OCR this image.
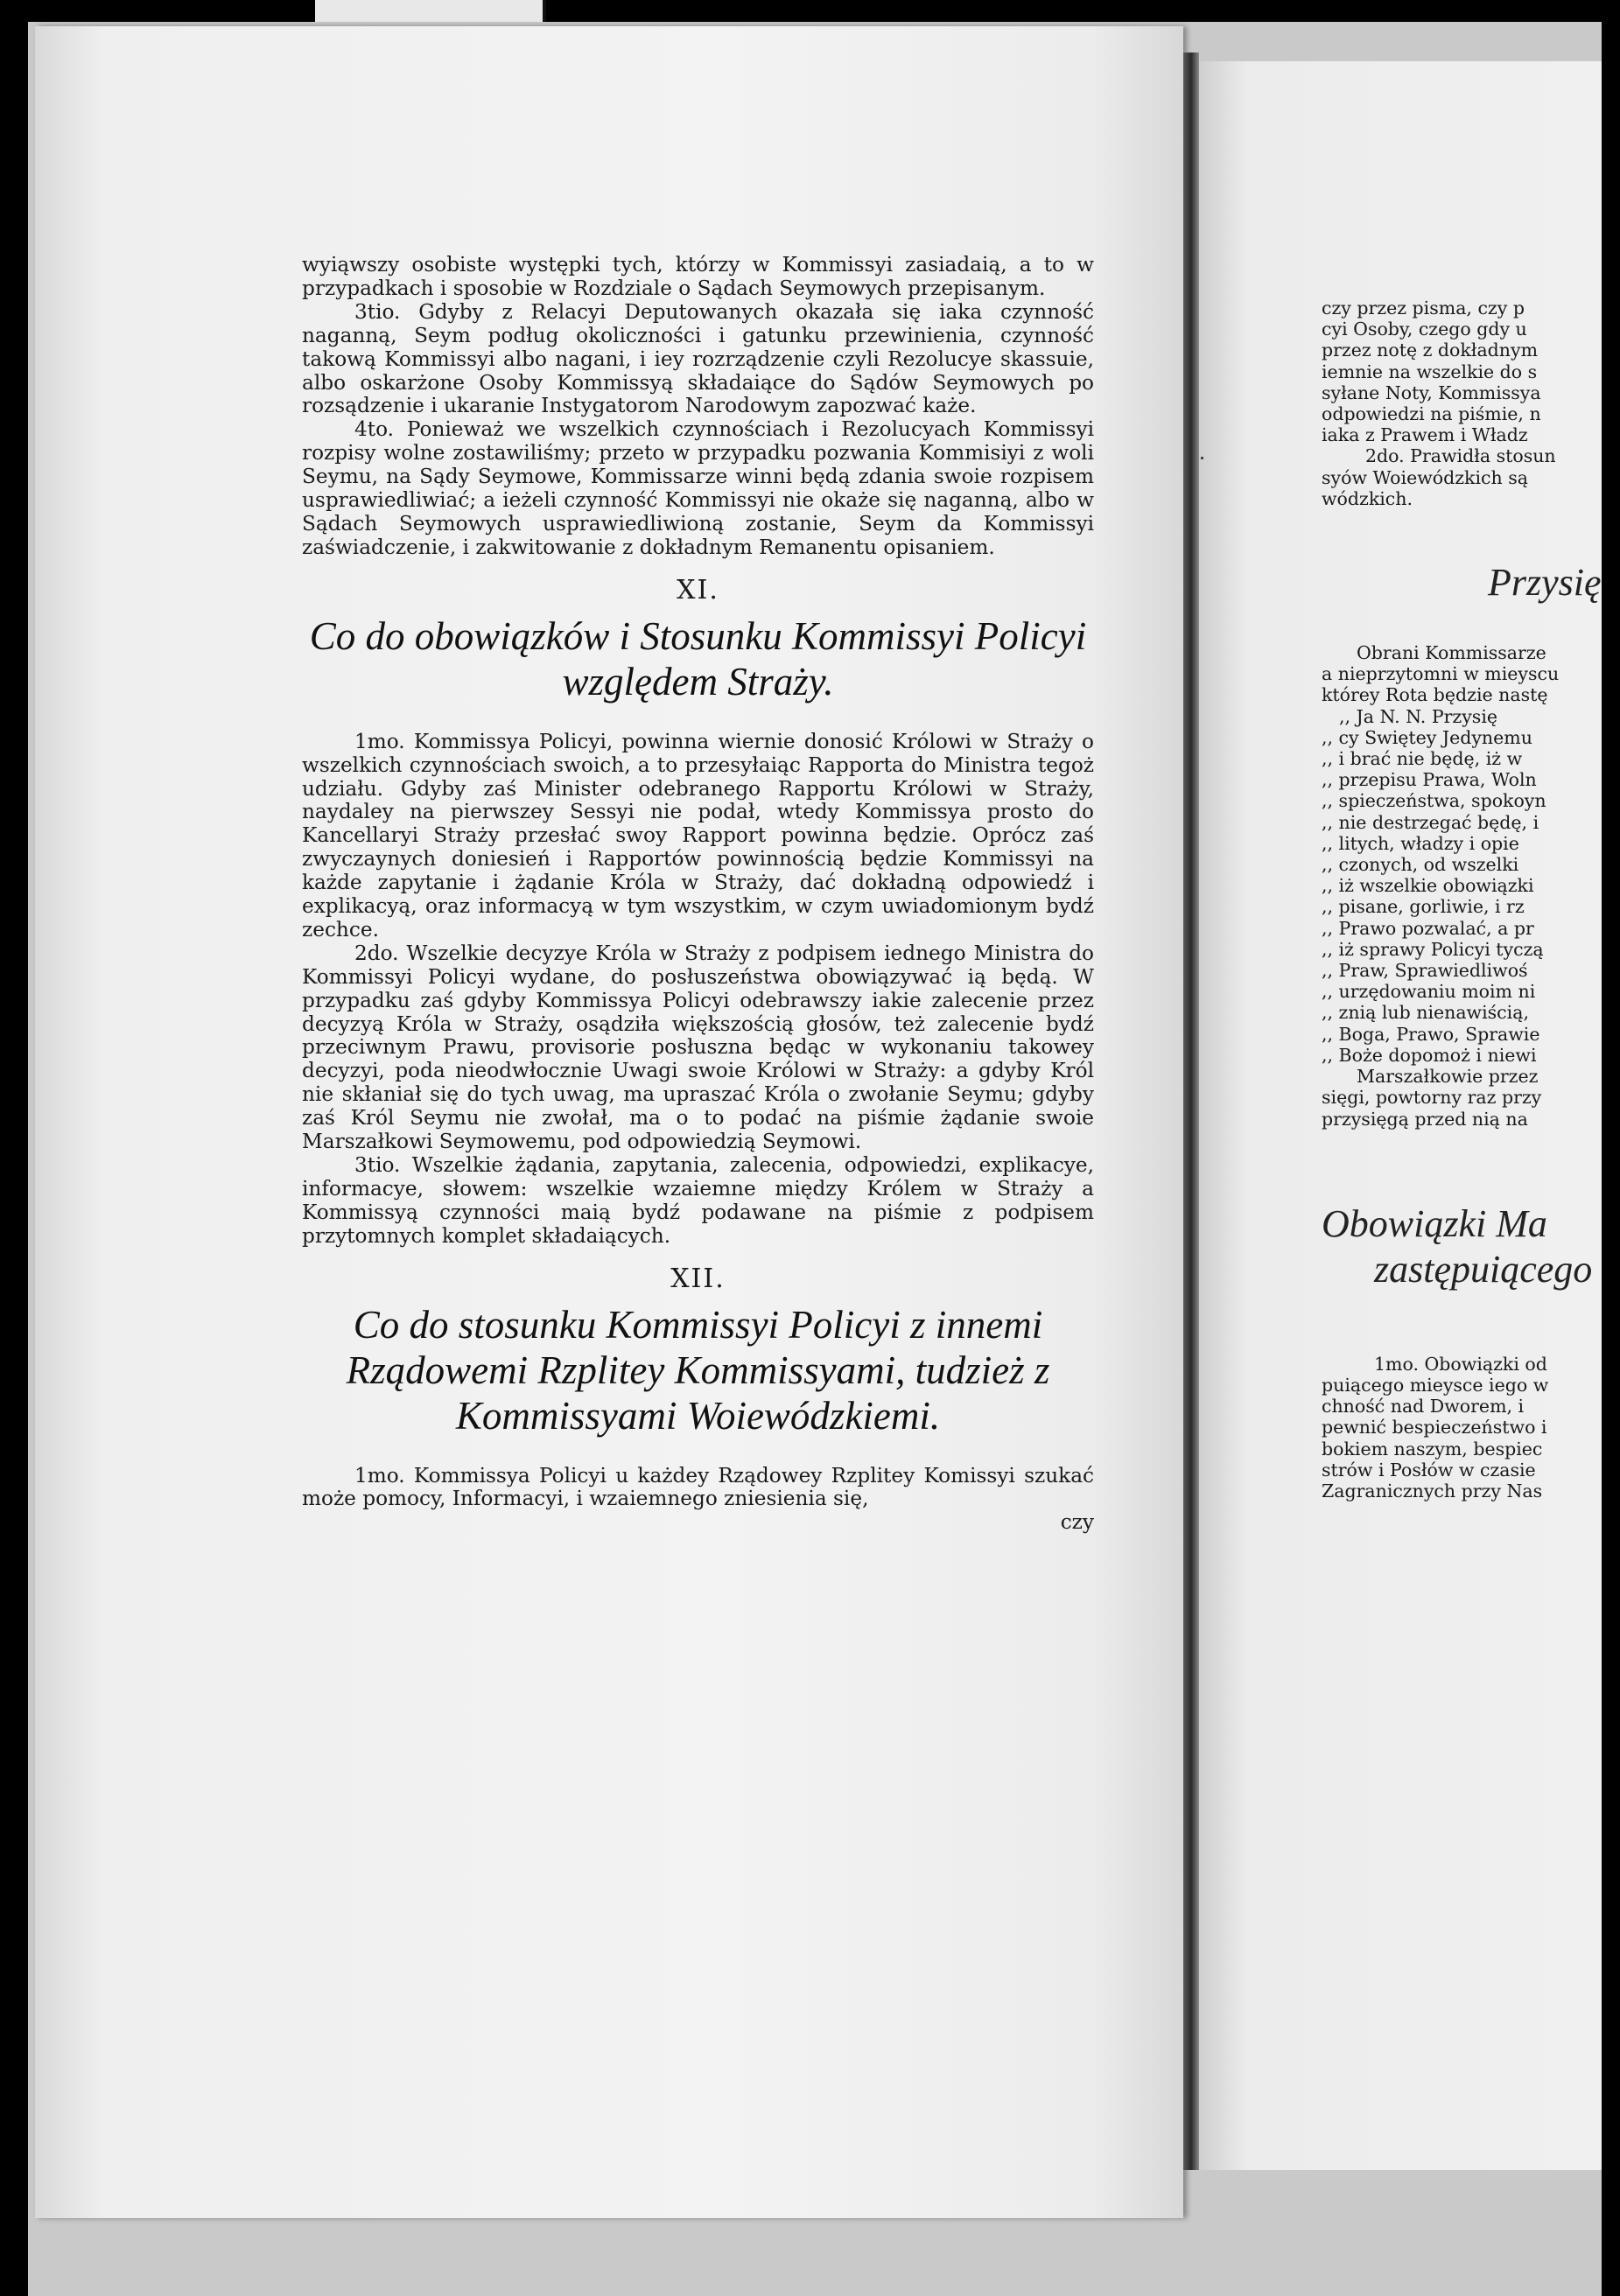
wyiąwszy osobiste występki tych, którzy w Kommissyi zasiadaią, a to w przypadkach i sposobie w Rozdziale o Sądach Seymowych przepisanym.

3tio. Gdyby z Relacyi Deputowanych okazała się iaka czynność naganną, Seym podług okoliczności i gatunku przewinienia, czynność takową Kommissyi albo nagani, i iey rozrządzenie czyli Rezolucye skassuie, albo oskarżone Osoby Kommissyą składaiące do Sądów Seymowych po rozsądzenie i ukaranie Instygatorom Narodowym zapozwać każe.

4to. Ponieważ we wszelkich czynnościach i Rezolucyach Kommissyi rozpisy wolne zostawiliśmy; przeto w przypadku pozwania Kommisiyi z woli Seymu, na Sądy Seymowe, Kommissarze winni będą zdania swoie rozpisem usprawiedliwiać; a ieżeli czynność Kommissyi nie okaże się naganną, albo w Sądach Seymowych usprawiedliwioną zostanie, Seym da Kommissyi zaświadczenie, i zakwitowanie z dokładnym Remanentu opisaniem.

XI.
Co do obowiązków i Stosunku Kommissyi Policyi względem Straży.

1mo. Kommissya Policyi, powinna wiernie donosić Królowi w Straży o wszelkich czynnościach swoich, a to przesyłaiąc Rapporta do Ministra tegoż udziału. Gdyby zaś Minister odebranego Rapportu Królowi w Straży, naydaley na pierwszey Sessyi nie podał, wtedy Kommissya prosto do Kancellaryi Straży przesłać swoy Rapport powinna będzie. Oprócz zaś zwyczaynych doniesień i Rapportów powinnością będzie Kommissyi na każde zapytanie i żądanie Króla w Straży, dać dokładną odpowiedź i explikacyą, oraz informacyą w tym wszystkim, w czym uwiadomionym bydź zechce.

2do. Wszelkie decyzye Króla w Straży z podpisem iednego Ministra do Kommissyi Policyi wydane, do posłuszeństwa obowiązywać ią będą. W przypadku zaś gdyby Kommissya Policyi odebrawszy iakie zalecenie przez decyzyą Króla w Straży, osądziła większością głosów, też zalecenie bydź przeciwnym Prawu, provisorie posłuszna będąc w wykonaniu takowey decyzyi, poda nieodwłocznie Uwagi swoie Królowi w Straży: a gdyby Król nie skłaniał się do tych uwag, ma upraszać Króla o zwołanie Seymu; gdyby zaś Król Seymu nie zwołał, ma o to podać na piśmie żądanie swoie Marszałkowi Seymowemu, pod odpowiedzią Seymowi.

3tio. Wszelkie żądania, zapytania, zalecenia, odpowiedzi, explikacye, informacye, słowem: wszelkie wzaiemne między Królem w Straży a Kommissyą czynności maią bydź podawane na piśmie z podpisem przytomnych komplet składaiących.

XII.
Co do stosunku Kommissyi Policyi z innemi Rządowemi Rzplitey Kommissyami, tudzież z Kommissyami Woiewódzkiemi.

1mo. Kommissya Policyi u każdey Rządowey Rzplitey Komissyi szukać może pomocy, Informacyi, i wzaiemnego zniesienia się,

czy

czy przez pisma, czy p

cyi Osoby, czego gdy u

przez notę z dokładnym

iemnie na wszelkie do s

syłane Noty, Kommissya

odpowiedzi na piśmie, n

iaka z Prawem i Władz

2do. Prawidła stosun

syów Woiewódzkich są

wódzkich.

Przysię

Obrani Kommissarze

a nieprzytomni w mieyscu

którey Rota będzie nastę

,, Ja N. N. Przysię

,, cy Swiętey Jedynemu

,, i brać nie będę, iż w

,, przepisu Prawa, Woln

,, spieczeństwa, spokoyn

,, nie destrzegać będę, i

,, litych, władzy i opie

,, czonych, od wszelki

,, iż wszelkie obowiązki

,, pisane, gorliwie, i rz

,, Prawo pozwalać, a pr

,, iż sprawy Policyi tyczą

,, Praw, Sprawiedliwoś

,, urzędowaniu moim ni

,, znią lub nienawiścią,

,, Boga, Prawo, Sprawie

,, Boże dopomoż i niewi

Marszałkowie przez

sięgi, powtorny raz przy

przysięgą przed nią na

Obowiązki Ma

zastępuiącego

1mo. Obowiązki od

puiącego mieysce iego w

chność nad Dworem, i

pewnić bespieczeństwo i

bokiem naszym, bespiec

strów i Posłów w czasie

Zagranicznych przy Nas
